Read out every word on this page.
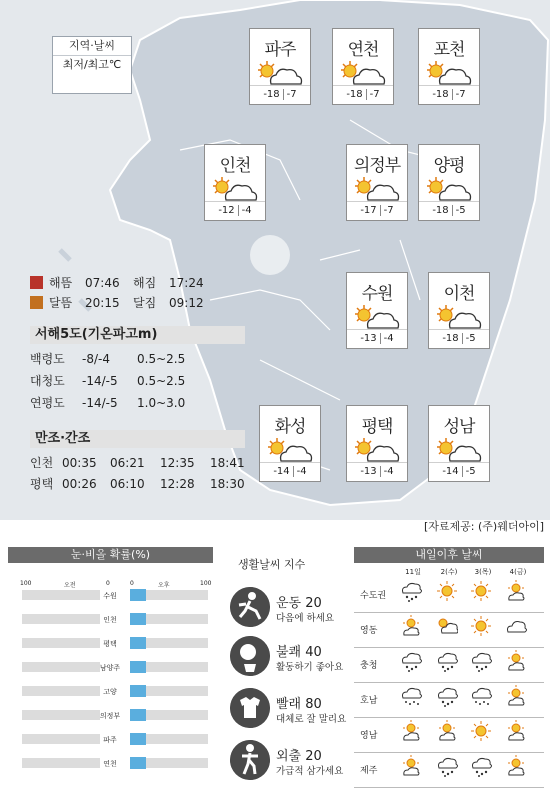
지역·날씨
최저/최고℃
파주
-18 -7
연천
-18 -7
포천
-18 -7
인천
-12 -4
의정부
-17 -7
양평
-18 -5
수원
-13 -4
이천
-18 -5
화성
-14 -4
평택
-13 -4
성남
-14 -5
해뜸 07:46 해짐 17:24
달뜸 20:15 달짐 09:12
서해5도(기온파고m)
백령도 -8/-4 0.5~2.5
대청도 -14/-5 0.5~2.5
연평도 -14/-5 1.0~3.0
만조·간조
인천 00:35 06:21 12:35 18:41
평택 00:26 06:10 12:28 18:30
[자료제공: (주)웨더아이]
눈·비올 확률(%)
100	오전	0	0	오후	100
수원
인천
평택
남양주
고양
의정부
파주
연천
생활날씨 지수
운동 20
다음에 하세요
불쾌 40
활동하기 좋아요
빨래 80
대체로 잘 말리요
외출 20
가급적 삼가세요
내일이후 날씨
11일	2(수)	3(목)	4(금)
수도권
영동
충청
호남
영남
제주
